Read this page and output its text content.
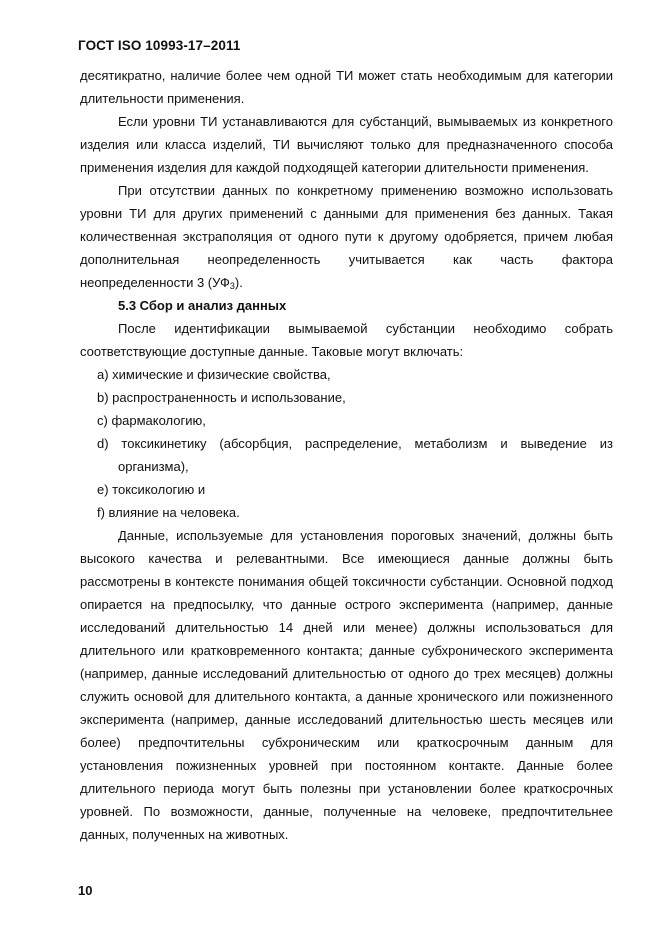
ГОСТ ISO 10993-17–2011

десятикратно, наличие более чем одной ТИ может стать необходимым для категории длительности применения.

Если уровни ТИ устанавливаются для субстанций, вымываемых из конкретного изделия или класса изделий, ТИ вычисляют только для предназначенного способа применения изделия для каждой подходящей категории длительности применения.

При отсутствии данных по конкретному применению возможно использовать уровни ТИ для других применений с данными для применения без данных. Такая количественная экстраполяция от одного пути к другому одобряется, причем любая дополнительная неопределенность учитывается как часть фактора

неопределенности 3 $(УФ_3)$.

5.3 Сбор и анализ данных

После идентификации вымываемой субстанции необходимо собрать соответствующие доступные данные. Таковые могут включать:

a) химические и физические свойства,

b) распространенность и использование,

c) фармакологию,

d) токсикинетику (абсорбция, распределение, метаболизм и выведение из организма),

e) токсикологию и

f) влияние на человека.

Данные, используемые для установления пороговых значений, должны быть высокого качества и релевантными. Все имеющиеся данные должны быть рассмотрены в контексте понимания общей токсичности субстанции. Основной подход опирается на предпосылку, что данные острого эксперимента (например, данные исследований длительностью 14 дней или менее) должны использоваться для длительного или кратковременного контакта; данные субхронического эксперимента (например, данные исследований длительностью от одного до трех месяцев) должны служить основой для длительного контакта, а данные хронического или пожизненного эксперимента (например, данные исследований длительностью шесть месяцев или более) предпочтительны субхроническим или краткосрочным данным для установления пожизненных уровней при постоянном контакте. Данные более длительного периода могут быть полезны при установлении более краткосрочных уровней. По возможности, данные, полученные на человеке, предпочтительнее данных, полученных на животных.

10
